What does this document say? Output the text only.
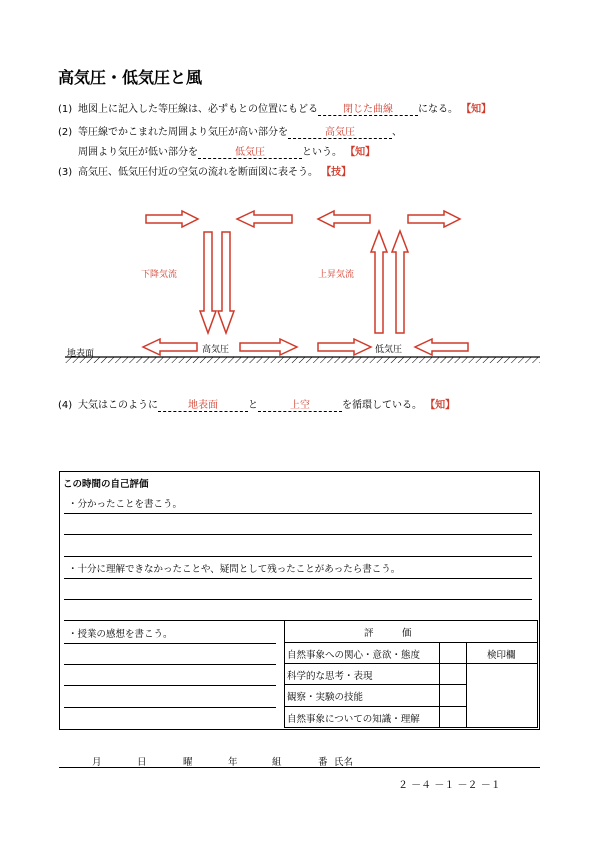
高気圧・低気圧と風
(1) 地図上に記入した等圧線は、必ずもとの位置にもどる	閉じた曲線	になる。 【知】
(2) 等圧線でかこまれた周囲より気圧が高い部分を	高気圧	、
周囲より気圧が低い部分を	低気圧	という。 【知】
(3) 高気圧、低気圧付近の空気の流れを断面図に表そう。 【技】
下降気流	上昇気流
地表面	高気圧	低気圧
(4) 大気はこのように	地表面	と	上空	を循環している。 【知】
この時間の自己評価
・分かったことを書こう。
・十分に理解できなかったことや、疑問として残ったことがあったら書こう。
・授業の感想を書こう。	評　　　価
自然事象への関心・意欲・態度
科学的な思考・表現
観察・実験の技能
自然事象についての知識・理解
検印欄
月	日	曜	年	組	番 氏名
２ －４ －１ －２ －１
